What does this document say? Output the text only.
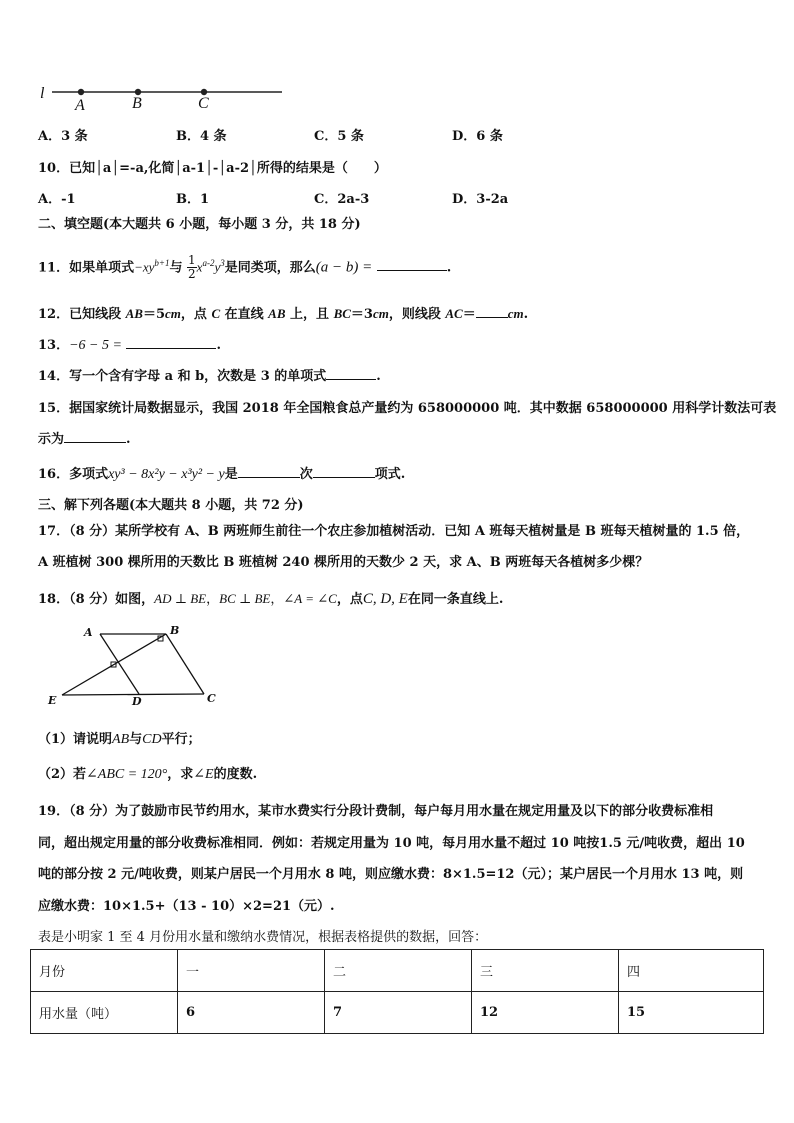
l
A	B	C
A．3 条	B．4 条	C．5 条	D．6 条
10．已知│a│=-a,化简│a-1│-│a-2│所得的结果是（　　）
A．-1	B．1	C．2a-3	D．3-2a
二、填空题(本大题共 6 小题，每小题 3 分，共 18 分)
11．如果单项式$-xy^{b+1}$与 $\frac{1}{2} x^{a-2}y^3$是同类项，那么(a − b) =	.
12．已知线段 AB＝5cm，点 C 在直线 AB 上，且 BC＝3cm，则线段 AC＝ cm.
13．−6 − 5 =	.
14．写一个含有字母 a 和 b，次数是 3 的单项式	.
15．据国家统计局数据显示，我国 2018 年全国粮食总产量约为 658000000 吨．其中数据 658000000 用科学计数法可表
示为	.
16．多项式xy³ − 8x²y − x³y² − y是	次	项式.
三、解下列各题(本大题共 8 小题，共 72 分)
17．（8 分）某所学校有 A、B 两班师生前往一个农庄参加植树活动．已知 A 班每天植树量是 B 班每天植树量的 1.5 倍，
A 班植树 300 棵所用的天数比 B 班植树 240 棵所用的天数少 2 天，求 A、B 两班每天各植树多少棵？
18．（8 分）如图，AD ⊥ BE，BC ⊥ BE，∠A = ∠C，点C, D, E在同一条直线上.
A	B
E	D	C
（1）请说明AB与CD平行；
（2）若∠ABC = 120°，求∠E的度数.
19．（8 分）为了鼓励市民节约用水，某市水费实行分段计费制，每户每月用水量在规定用量及以下的部分收费标准相
同，超出规定用量的部分收费标准相同．例如：若规定用量为 10 吨，每月用水量不超过 10 吨按1.5 元/吨收费，超出 10
吨的部分按 2 元/吨收费，则某户居民一个月用水 8 吨，则应缴水费：8×1.5=12（元）；某户居民一个月用水 13 吨，则
应缴水费：10×1.5+（13 - 10）×2=21（元）.
表是小明家 1 至 4 月份用水量和缴纳水费情况，根据表格提供的数据，回答：
月份	一	二	三	四
用水量（吨）	6	7	12	15
